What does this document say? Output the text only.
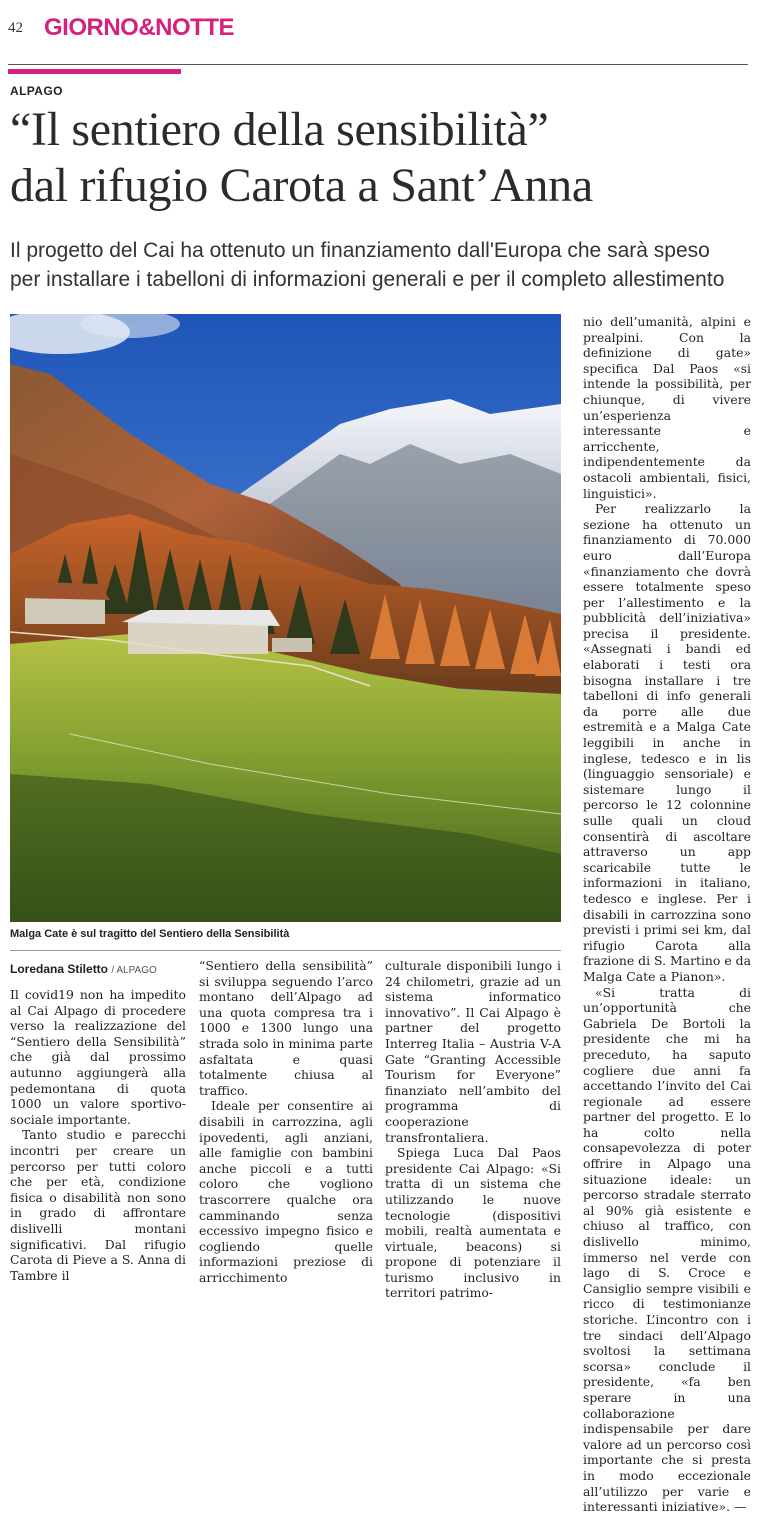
42 GIORNO&NOTTE
ALPAGO
“Il sentiero della sensibilità”
dal rifugio Carota a Sant’Anna
Il progetto del Cai ha ottenuto un finanziamento dall'Europa che sarà speso
per installare i tabelloni di informazioni generali e per il completo allestimento
Malga Cate è sul tragitto del Sentiero della Sensibilità
Loredana Stiletto / ALPAGO

Il covid19 non ha impedito al Cai Alpago di procedere verso la realizzazione del “Sentiero della Sensibilità” che già dal prossimo autunno aggiungerà alla pedemontana di quota 1000 un valore sportivo-sociale importante.

Tanto studio e parecchi incontri per creare un percorso per tutti coloro che per età, condizione fisica o disabilità non sono in grado di affrontare dislivelli montani significativi. Dal rifugio Carota di Pieve a S. Anna di Tambre il

“Sentiero della sensibilità” si sviluppa seguendo l’arco montano dell’Alpago ad una quota compresa tra i 1000 e 1300 lungo una strada solo in minima parte asfaltata e quasi totalmente chiusa al traffico.

Ideale per consentire ai disabili in carrozzina, agli ipovedenti, agli anziani, alle famiglie con bambini anche piccoli e a tutti coloro che vogliono trascorrere qualche ora camminando senza eccessivo impegno fisico e cogliendo quelle informazioni preziose di arricchimento

culturale disponibili lungo i 24 chilometri, grazie ad un sistema informatico innovativo”. Il Cai Alpago è partner del progetto Interreg Italia – Austria V-A Gate “Granting Accessible Tourism for Everyone” finanziato nell’ambito del programma di cooperazione transfrontaliera.

Spiega Luca Dal Paos presidente Cai Alpago: «Si tratta di un sistema che utilizzando le nuove tecnologie (dispositivi mobili, realtà aumentata e virtuale, beacons) si propone di potenziare il turismo inclusivo in territori patrimo-

nio dell’umanità, alpini e prealpini. Con la definizione di gate» specifica Dal Paos «si intende la possibilità, per chiunque, di vivere un’esperienza interessante e arricchente, indipendentemente da ostacoli ambientali, fisici, linguistici».

Per realizzarlo la sezione ha ottenuto un finanziamento di 70.000 euro dall’Europa «finanziamento che dovrà essere totalmente speso per l’allestimento e la pubblicità dell’iniziativa» precisa il presidente. «Assegnati i bandi ed elaborati i testi ora bisogna installare i tre tabelloni di info generali da porre alle due estremità e a Malga Cate leggibili in anche in inglese, tedesco e in lis (linguaggio sensoriale) e sistemare lungo il percorso le 12 colonnine sulle quali un cloud consentirà di ascoltare attraverso un app scaricabile tutte le informazioni in italiano, tedesco e inglese. Per i disabili in carrozzina sono previsti i primi sei km, dal rifugio Carota alla frazione di S. Martino e da Malga Cate a Pianon».

«Si tratta di un’opportunità che Gabriela De Bortoli la presidente che mi ha preceduto, ha saputo cogliere due anni fa accettando l’invito del Cai regionale ad essere partner del progetto. E lo ha colto nella consapevolezza di poter offrire in Alpago una situazione ideale: un percorso stradale sterrato al 90% già esistente e chiuso al traffico, con dislivello minimo, immerso nel verde con lago di S. Croce e Cansiglio sempre visibili e ricco di testimonianze storiche. L’incontro con i tre sindaci dell’Alpago svoltosi la settimana scorsa» conclude il presidente, «fa ben sperare in una collaborazione indispensabile per dare valore ad un percorso così importante che si presta in modo eccezionale all’utilizzo per varie e interessanti iniziative». —
